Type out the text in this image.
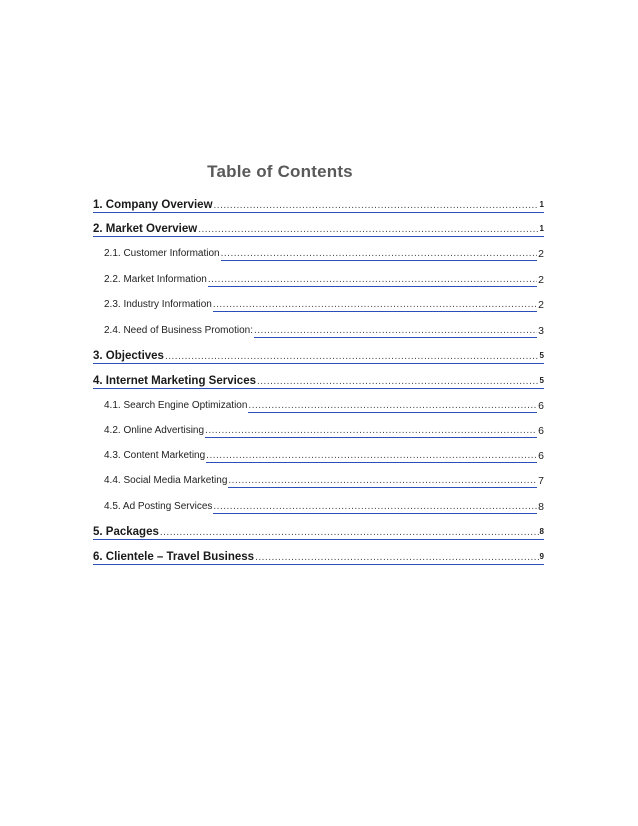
Table of Contents
1. Company Overview .....	1
2. Market Overview .....	1
2.1. Customer Information .....	2
2.2. Market Information .....	2
2.3. Industry Information .....	2
2.4. Need of Business Promotion: .....	3
3. Objectives .....	5
4. Internet Marketing Services .....	5
4.1. Search Engine Optimization .....	6
4.2. Online Advertising .....	6
4.3. Content Marketing .....	6
4.4. Social Media Marketing .....	7
4.5. Ad Posting Services .....	8
5. Packages .....	8
6. Clientele – Travel Business .....	9
